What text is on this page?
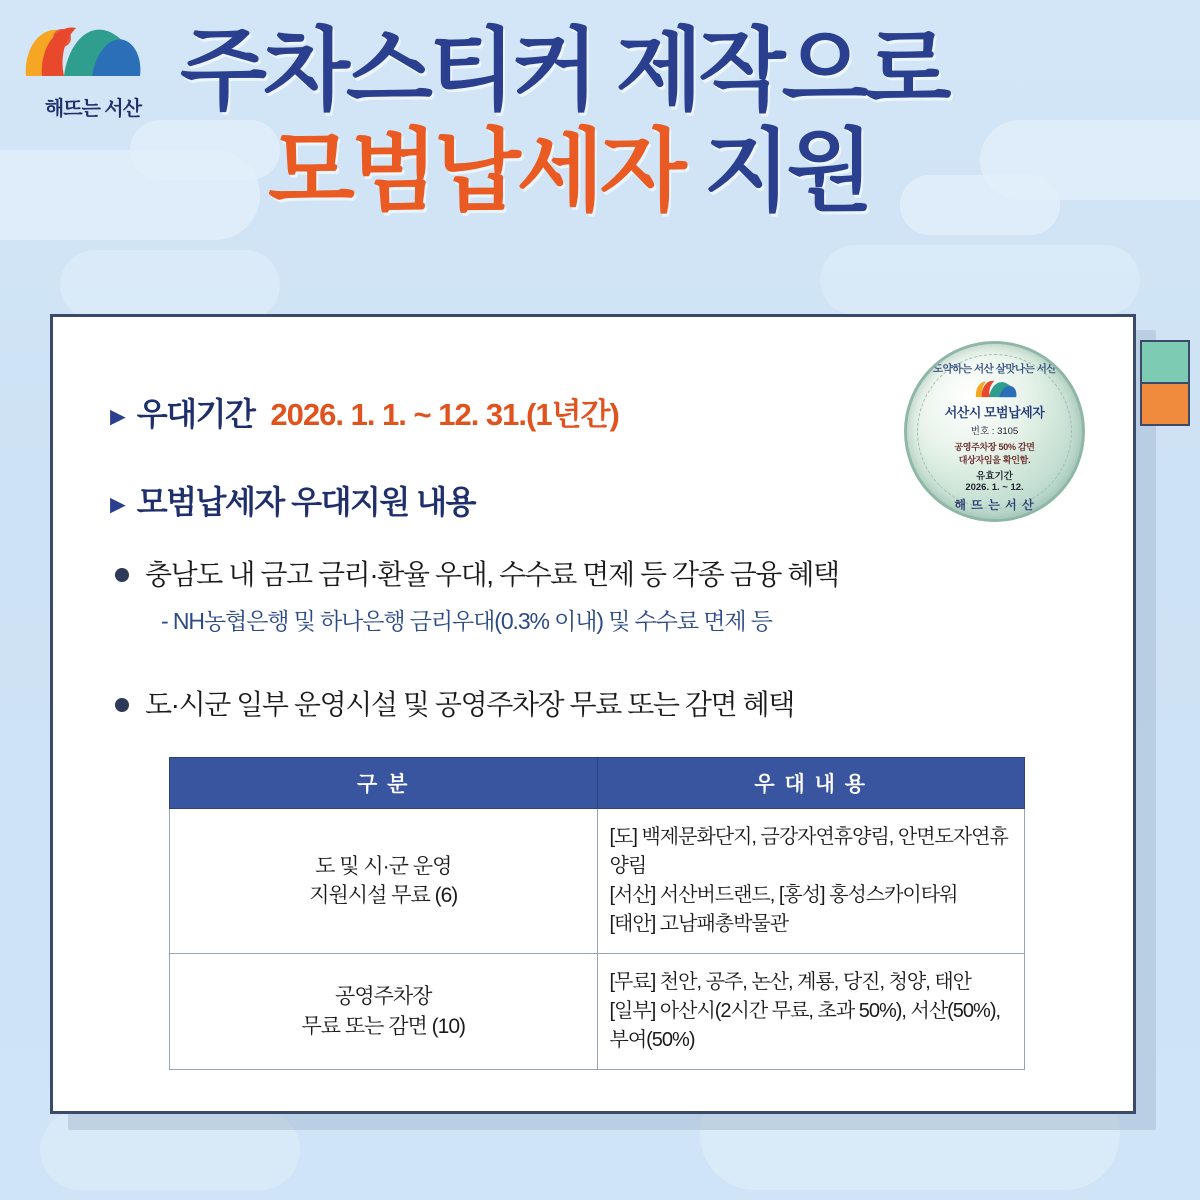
해뜨는 서산 주차스티커 제작으로
모범납세자 지원
도약하는 서산 살맛나는 서산
서산시 모범납세자
번호 : 3105
공영주차장 50% 감면
대상자임을 확인함.
유효기간
2026. 1. ~ 12.
해 뜨 는 서 산
► 우대기간 2026. 1. 1. ~ 12. 31.(1년간)
► 모범납세자 우대지원 내용
충남도 내 금고 금리·환율 우대, 수수료 면제 등 각종 금융 혜택
- NH농협은행 및 하나은행 금리우대(0.3% 이내) 및 수수료 면제 등
도·시군 일부 운영시설 및 공영주차장 무료 또는 감면 혜택
구 분	우 대 내 용

도 및 시·군 운영
지원시설 무료 (6)	[도] 백제문화단지, 금강자연휴양림, 안면도자연휴양림
[서산] 서산버드랜드, [홍성] 홍성스카이타워
[태안] 고남패총박물관

공영주차장
무료 또는 감면 (10)	[무료] 천안, 공주, 논산, 계룡, 당진, 청양, 태안
[일부] 아산시(2시간 무료, 초과 50%), 서산(50%), 부여(50%)
